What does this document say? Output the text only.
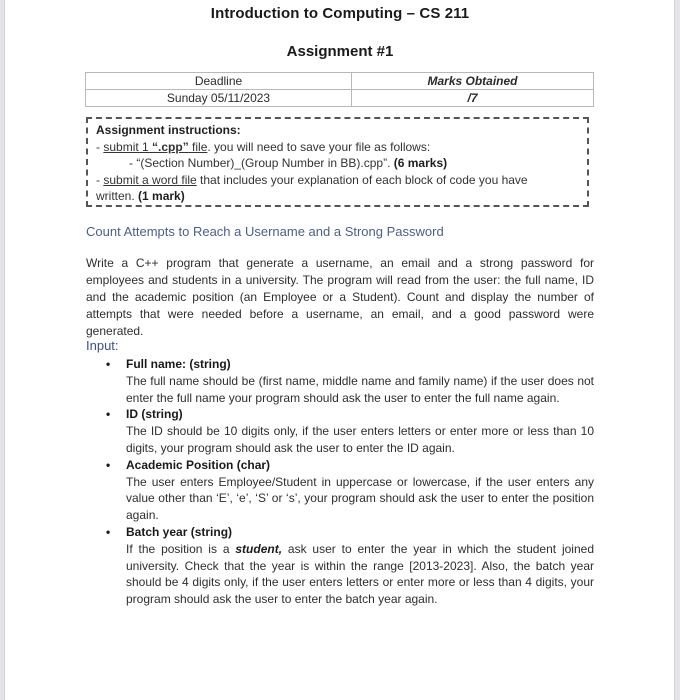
Introduction to Computing – CS 211
Assignment #1
Deadline	Marks Obtained
Sunday 05/11/2023	/7
Assignment instructions:
- submit 1 “.cpp” file. you will need to save your file as follows:
- “(Section Number)_(Group Number in BB).cpp”. (6 marks)
- submit a word file that includes your explanation of each block of code you have
written. (1 mark)
Count Attempts to Reach a Username and a Strong Password

Write a C++ program that generate a username, an email and a strong password for employees and students in a university. The program will read from the user: the full name, ID and the academic position (an Employee or a Student). Count and display the number of attempts that were needed before a username, an email, and a good password were generated.

Input:
• Full name: (string)
The full name should be (first name, middle name and family name) if the user does not enter the full name your program should ask the user to enter the full name again.
• ID (string)
The ID should be 10 digits only, if the user enters letters or enter more or less than 10 digits, your program should ask the user to enter the ID again.
• Academic Position (char)
The user enters Employee/Student in uppercase or lowercase, if the user enters any value other than ‘E’, ‘e’, ‘S’ or ‘s’, your program should ask the user to enter the position again.
• Batch year (string)
If the position is a student, ask user to enter the year in which the student joined university. Check that the year is within the range [2013-2023]. Also, the batch year should be 4 digits only, if the user enters letters or enter more or less than 4 digits, your program should ask the user to enter the batch year again.
